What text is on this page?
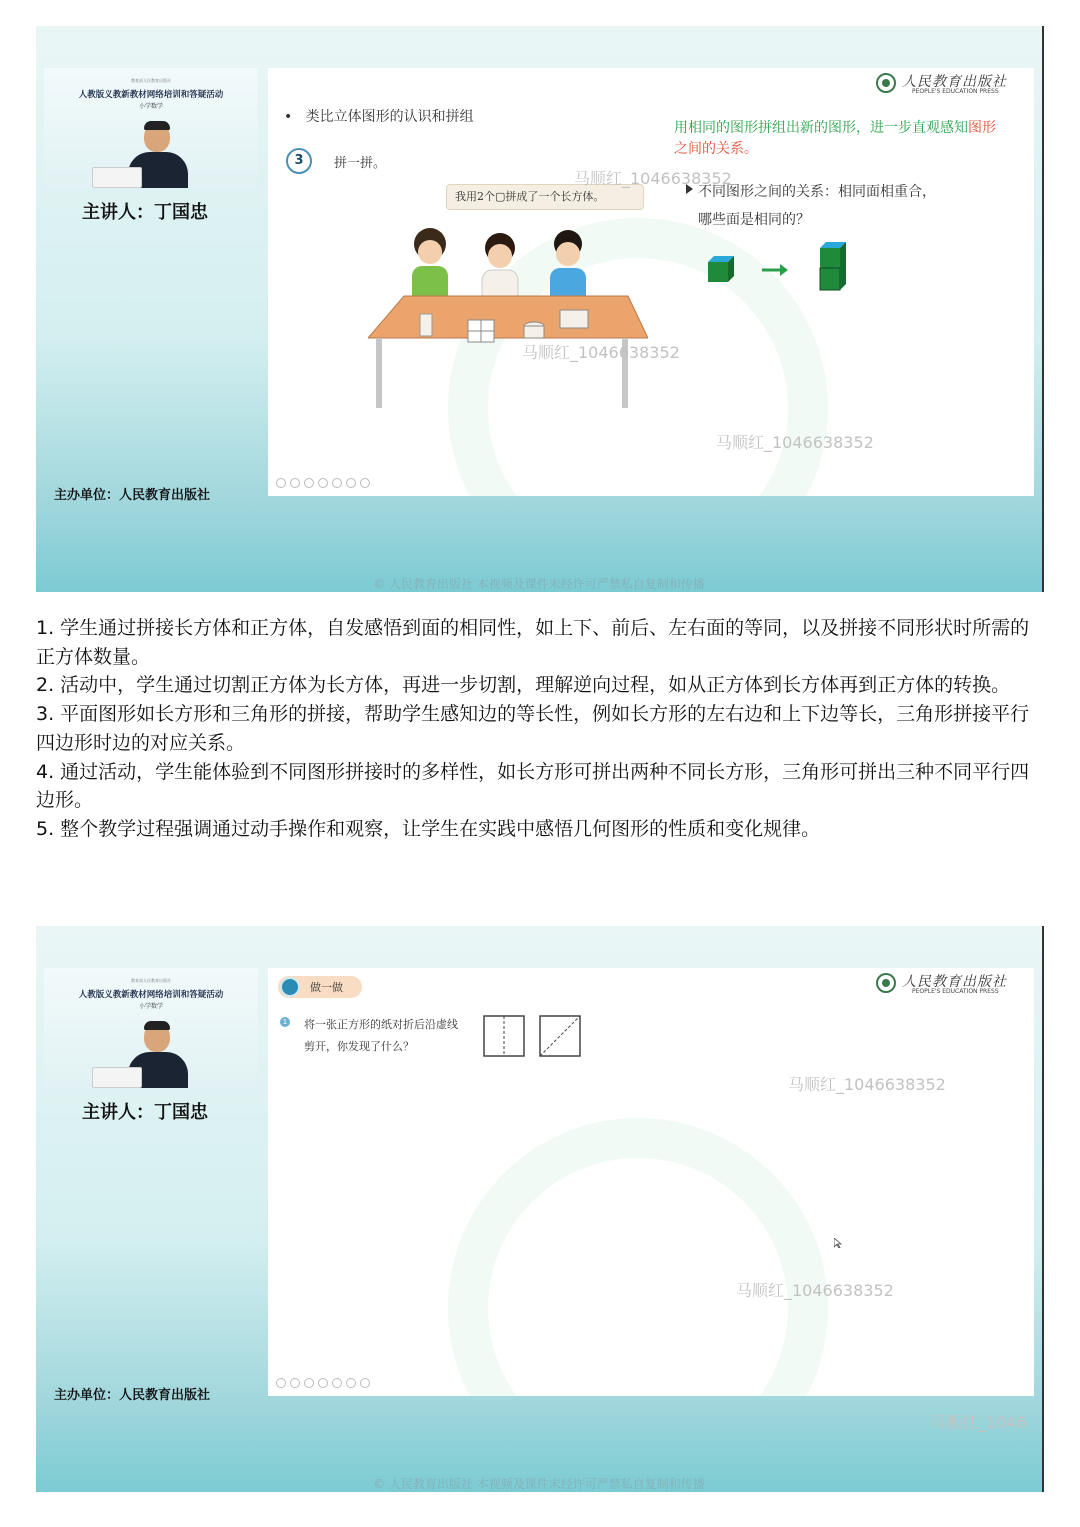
教育部人民教育出版社
人教版义教新教材网络培训和答疑活动
小学数学
主讲人：丁国忠
主办单位：人民教育出版社
人民教育出版社
PEOPLE'S EDUCATION PRESS
•   类比立体图形的认识和拼组
3	拼一拼。
我用2个▢拼成了一个长方体。
用相同的图形拼组出新的图形，进一步直观感知图形之间的关系。
不同图形之间的关系：相同面相重合，
哪些面是相同的？
马顺红_1046638352
马顺红_1046638352
马顺红_1046638352
© 人民教育出版社 本视频及课件未经许可严禁私自复制和传播

1. 学生通过拼接长方体和正方体，自发感悟到面的相同性，如上下、前后、左右面的等同，以及拼接不同形状时所需的正方体数量。

2. 活动中，学生通过切割正方体为长方体，再进一步切割，理解逆向过程，如从正方体到长方体再到正方体的转换。

3. 平面图形如长方形和三角形的拼接，帮助学生感知边的等长性，例如长方形的左右边和上下边等长，三角形拼接平行四边形时边的对应关系。

4. 通过活动，学生能体验到不同图形拼接时的多样性，如长方形可拼出两种不同长方形，三角形可拼出三种不同平行四边形。

5. 整个教学过程强调通过动手操作和观察，让学生在实践中感悟几何图形的性质和变化规律。

教育部人民教育出版社
人教版义教新教材网络培训和答疑活动
小学数学
主讲人：丁国忠
主办单位：人民教育出版社
人民教育出版社
PEOPLE'S EDUCATION PRESS
做一做
1 将一张正方形的纸对折后沿虚线剪开，你发现了什么？
马顺红_1046638352
马顺红_1046638352
马顺红_1046
© 人民教育出版社 本视频及课件未经许可严禁私自复制和传播
